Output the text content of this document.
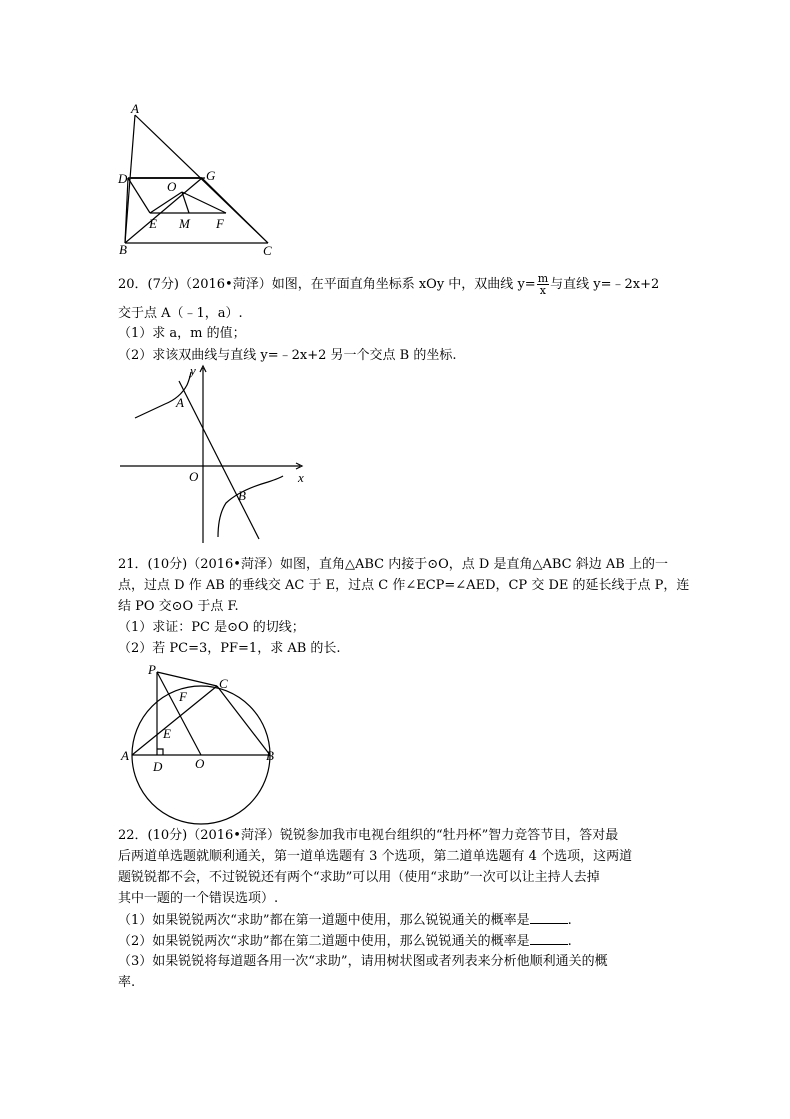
A
D	G
O
E M F
B	C
y
x
O
A
B
P
C
F
E
A
D	O
B
20．(7分)（2016•菏泽）如图，在平面直角坐标系 xOy 中，双曲线 $y= \frac{m}{x}$ 与直线 y=﹣2x+2
交于点 A（﹣1，a）.
（1）求 a，m 的值；
（2）求该双曲线与直线 y=﹣2x+2 另一个交点 B 的坐标.
21．(10分)（2016•菏泽）如图，直角△ABC 内接于⊙O，点 D 是直角△ABC 斜边 AB 上的一
点，过点 D 作 AB 的垂线交 AC 于 E，过点 C 作∠ECP=∠AED，CP 交 DE 的延长线于点 P，连
结 PO 交⊙O 于点 F.
（1）求证：PC 是⊙O 的切线；
（2）若 PC=3，PF=1，求 AB 的长.
22．(10分)（2016•菏泽）锐锐参加我市电视台组织的“牡丹杯”智力竞答节目，答对最
后两道单选题就顺利通关，第一道单选题有 3 个选项，第二道单选题有 4 个选项，这两道
题锐锐都不会，不过锐锐还有两个“求助”可以用（使用“求助”一次可以让主持人去掉
其中一题的一个错误选项）.
（1）如果锐锐两次“求助”都在第一道题中使用，那么锐锐通关的概率是	.
（2）如果锐锐两次“求助”都在第二道题中使用，那么锐锐通关的概率是	.
（3）如果锐锐将每道题各用一次“求助”，请用树状图或者列表来分析他顺利通关的概
率.
